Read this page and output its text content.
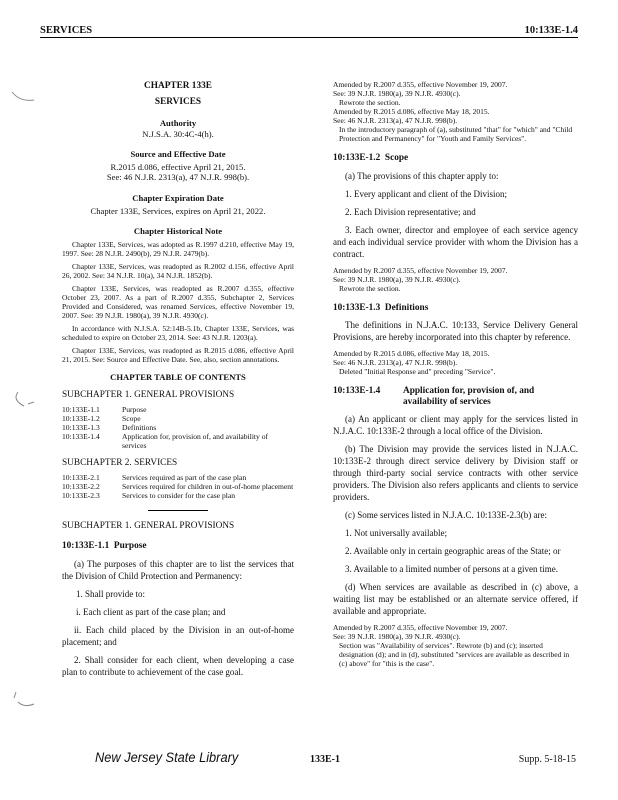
SERVICES	10:133E-1.4
CHAPTER 133E
SERVICES
Authority
N.J.S.A. 30:4C-4(h).
Source and Effective Date
R.2015 d.086, effective April 21, 2015.
See: 46 N.J.R. 2313(a), 47 N.J.R. 998(b).
Chapter Expiration Date
Chapter 133E, Services, expires on April 21, 2022.
Chapter Historical Note

Chapter 133E, Services, was adopted as R.1997 d.210, effective May 19, 1997. See: 28 N.J.R. 2490(b), 29 N.J.R. 2479(b).

Chapter 133E, Services, was readopted as R.2002 d.156, effective April 26, 2002. See: 34 N.J.R. 10(a), 34 N.J.R. 1852(b).

Chapter 133E, Services, was readopted as R.2007 d.355, effective October 23, 2007. As a part of R.2007 d.355, Subchapter 2, Services Provided and Considered, was renamed Services, effective November 19, 2007. See: 39 N.J.R. 1980(a), 39 N.J.R. 4930(c).

In accordance with N.J.S.A. 52:14B-5.1b, Chapter 133E, Services, was scheduled to expire on October 23, 2014. See: 43 N.J.R. 1203(a).

Chapter 133E, Services, was readopted as R.2015 d.086, effective April 21, 2015. See: Source and Effective Date. See, also, section annotations.

CHAPTER TABLE OF CONTENTS
SUBCHAPTER 1. GENERAL PROVISIONS
10:133E-1.1	Purpose
10:133E-1.2	Scope
10:133E-1.3	Definitions
10:133E-1.4	Application for, provision of, and availability of services
SUBCHAPTER 2. SERVICES
10:133E-2.1	Services required as part of the case plan
10:133E-2.2	Services required for children in out-of-home placement
10:133E-2.3	Services to consider for the case plan
SUBCHAPTER 1. GENERAL PROVISIONS
10:133E-1.1 Purpose

(a) The purposes of this chapter are to list the services that the Division of Child Protection and Permanency:

1. Shall provide to:

i. Each client as part of the case plan; and

ii. Each child placed by the Division in an out-of-home placement; and

2. Shall consider for each client, when developing a case plan to contribute to achievement of the case goal.

Amended by R.2007 d.355, effective November 19, 2007.
See: 39 N.J.R. 1980(a), 39 N.J.R. 4930(c).
Rewrote the section.
Amended by R.2015 d.086, effective May 18, 2015.
See: 46 N.J.R. 2313(a), 47 N.J.R. 998(b).
In the introductory paragraph of (a), substituted "that" for "which" and "Child Protection and Permanency" for "Youth and Family Services".
10:133E-1.2 Scope

(a) The provisions of this chapter apply to:

1. Every applicant and client of the Division;

2. Each Division representative; and

3. Each owner, director and employee of each service agency and each individual service provider with whom the Division has a contract.

Amended by R.2007 d.355, effective November 19, 2007.
See: 39 N.J.R. 1980(a), 39 N.J.R. 4930(c).
Rewrote the section.
10:133E-1.3 Definitions

The definitions in N.J.A.C. 10:133, Service Delivery General Provisions, are hereby incorporated into this chapter by reference.

Amended by R.2015 d.086, effective May 18, 2015.
See: 46 N.J.R. 2313(a), 47 N.J.R. 998(b).
Deleted "Initial Response and" preceding "Service".
10:133E-1.4	Application for, provision of, and availability of services

(a) An applicant or client may apply for the services listed in N.J.A.C. 10:133E-2 through a local office of the Division.

(b) The Division may provide the services listed in N.J.A.C. 10:133E-2 through direct service delivery by Division staff or through third-party social service contracts with other service providers. The Division also refers applicants and clients to service providers.

(c) Some services listed in N.J.A.C. 10:133E-2.3(b) are:

1. Not universally available;

2. Available only in certain geographic areas of the State; or

3. Available to a limited number of persons at a given time.

(d) When services are available as described in (c) above, a waiting list may be established or an alternate service offered, if available and appropriate.

Amended by R.2007 d.355, effective November 19, 2007.
See: 39 N.J.R. 1980(a), 39 N.J.R. 4930(c).
Section was "Availability of services". Rewrote (b) and (c); inserted designation (d); and in (d), substituted "services are available as described in (c) above" for "this is the case".
New Jersey State Library	133E-1	Supp. 5-18-15
